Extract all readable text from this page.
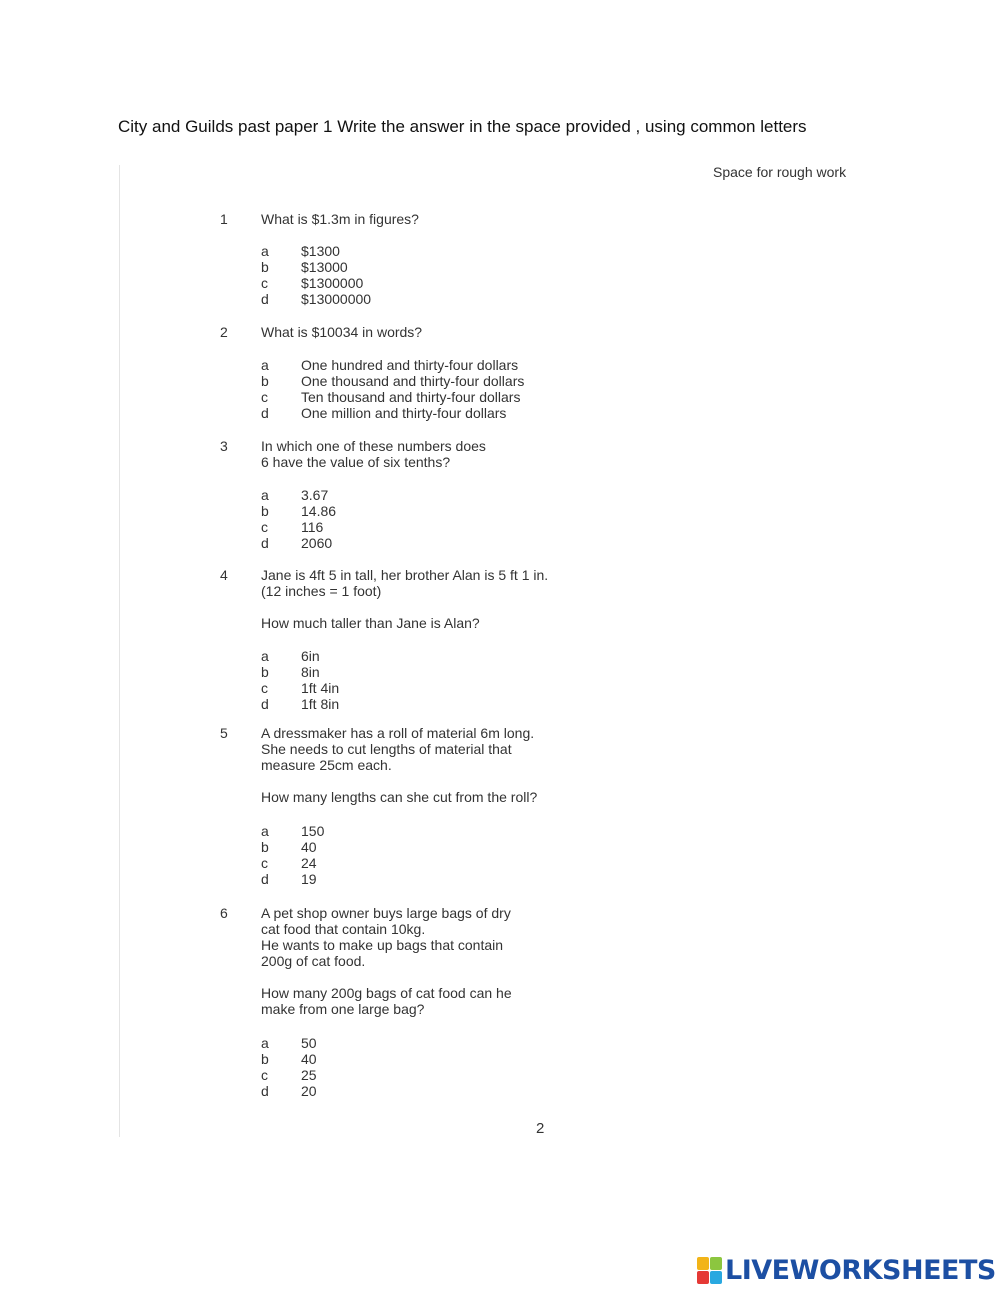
City and Guilds past paper 1 Write the answer in the space provided , using common letters
Space for rough work
1	What is $1.3m in figures?
a	$1300
b	$13000
c	$1300000
d	$13000000
2	What is $10034 in words?
a	One hundred and thirty-four dollars
b	One thousand and thirty-four dollars
c	Ten thousand and thirty-four dollars
d	One million and thirty-four dollars
3	In which one of these numbers does
6 have the value of six tenths?
a	3.67
b	14.86
c	116
d	2060
4	Jane is 4ft 5 in tall, her brother Alan is 5 ft 1 in.
(12 inches = 1 foot)
How much taller than Jane is Alan?
a	6in
b	8in
c	1ft 4in
d	1ft 8in
5	A dressmaker has a roll of material 6m long.
She needs to cut lengths of material that
measure 25cm each.
How many lengths can she cut from the roll?
a	150
b	40
c	24
d	19
6	A pet shop owner buys large bags of dry
cat food that contain 10kg.
He wants to make up bags that contain
200g of cat food.
How many 200g bags of cat food can he
make from one large bag?
a	50
b	40
c	25
d	20
2
LIVEWORKSHEETS
